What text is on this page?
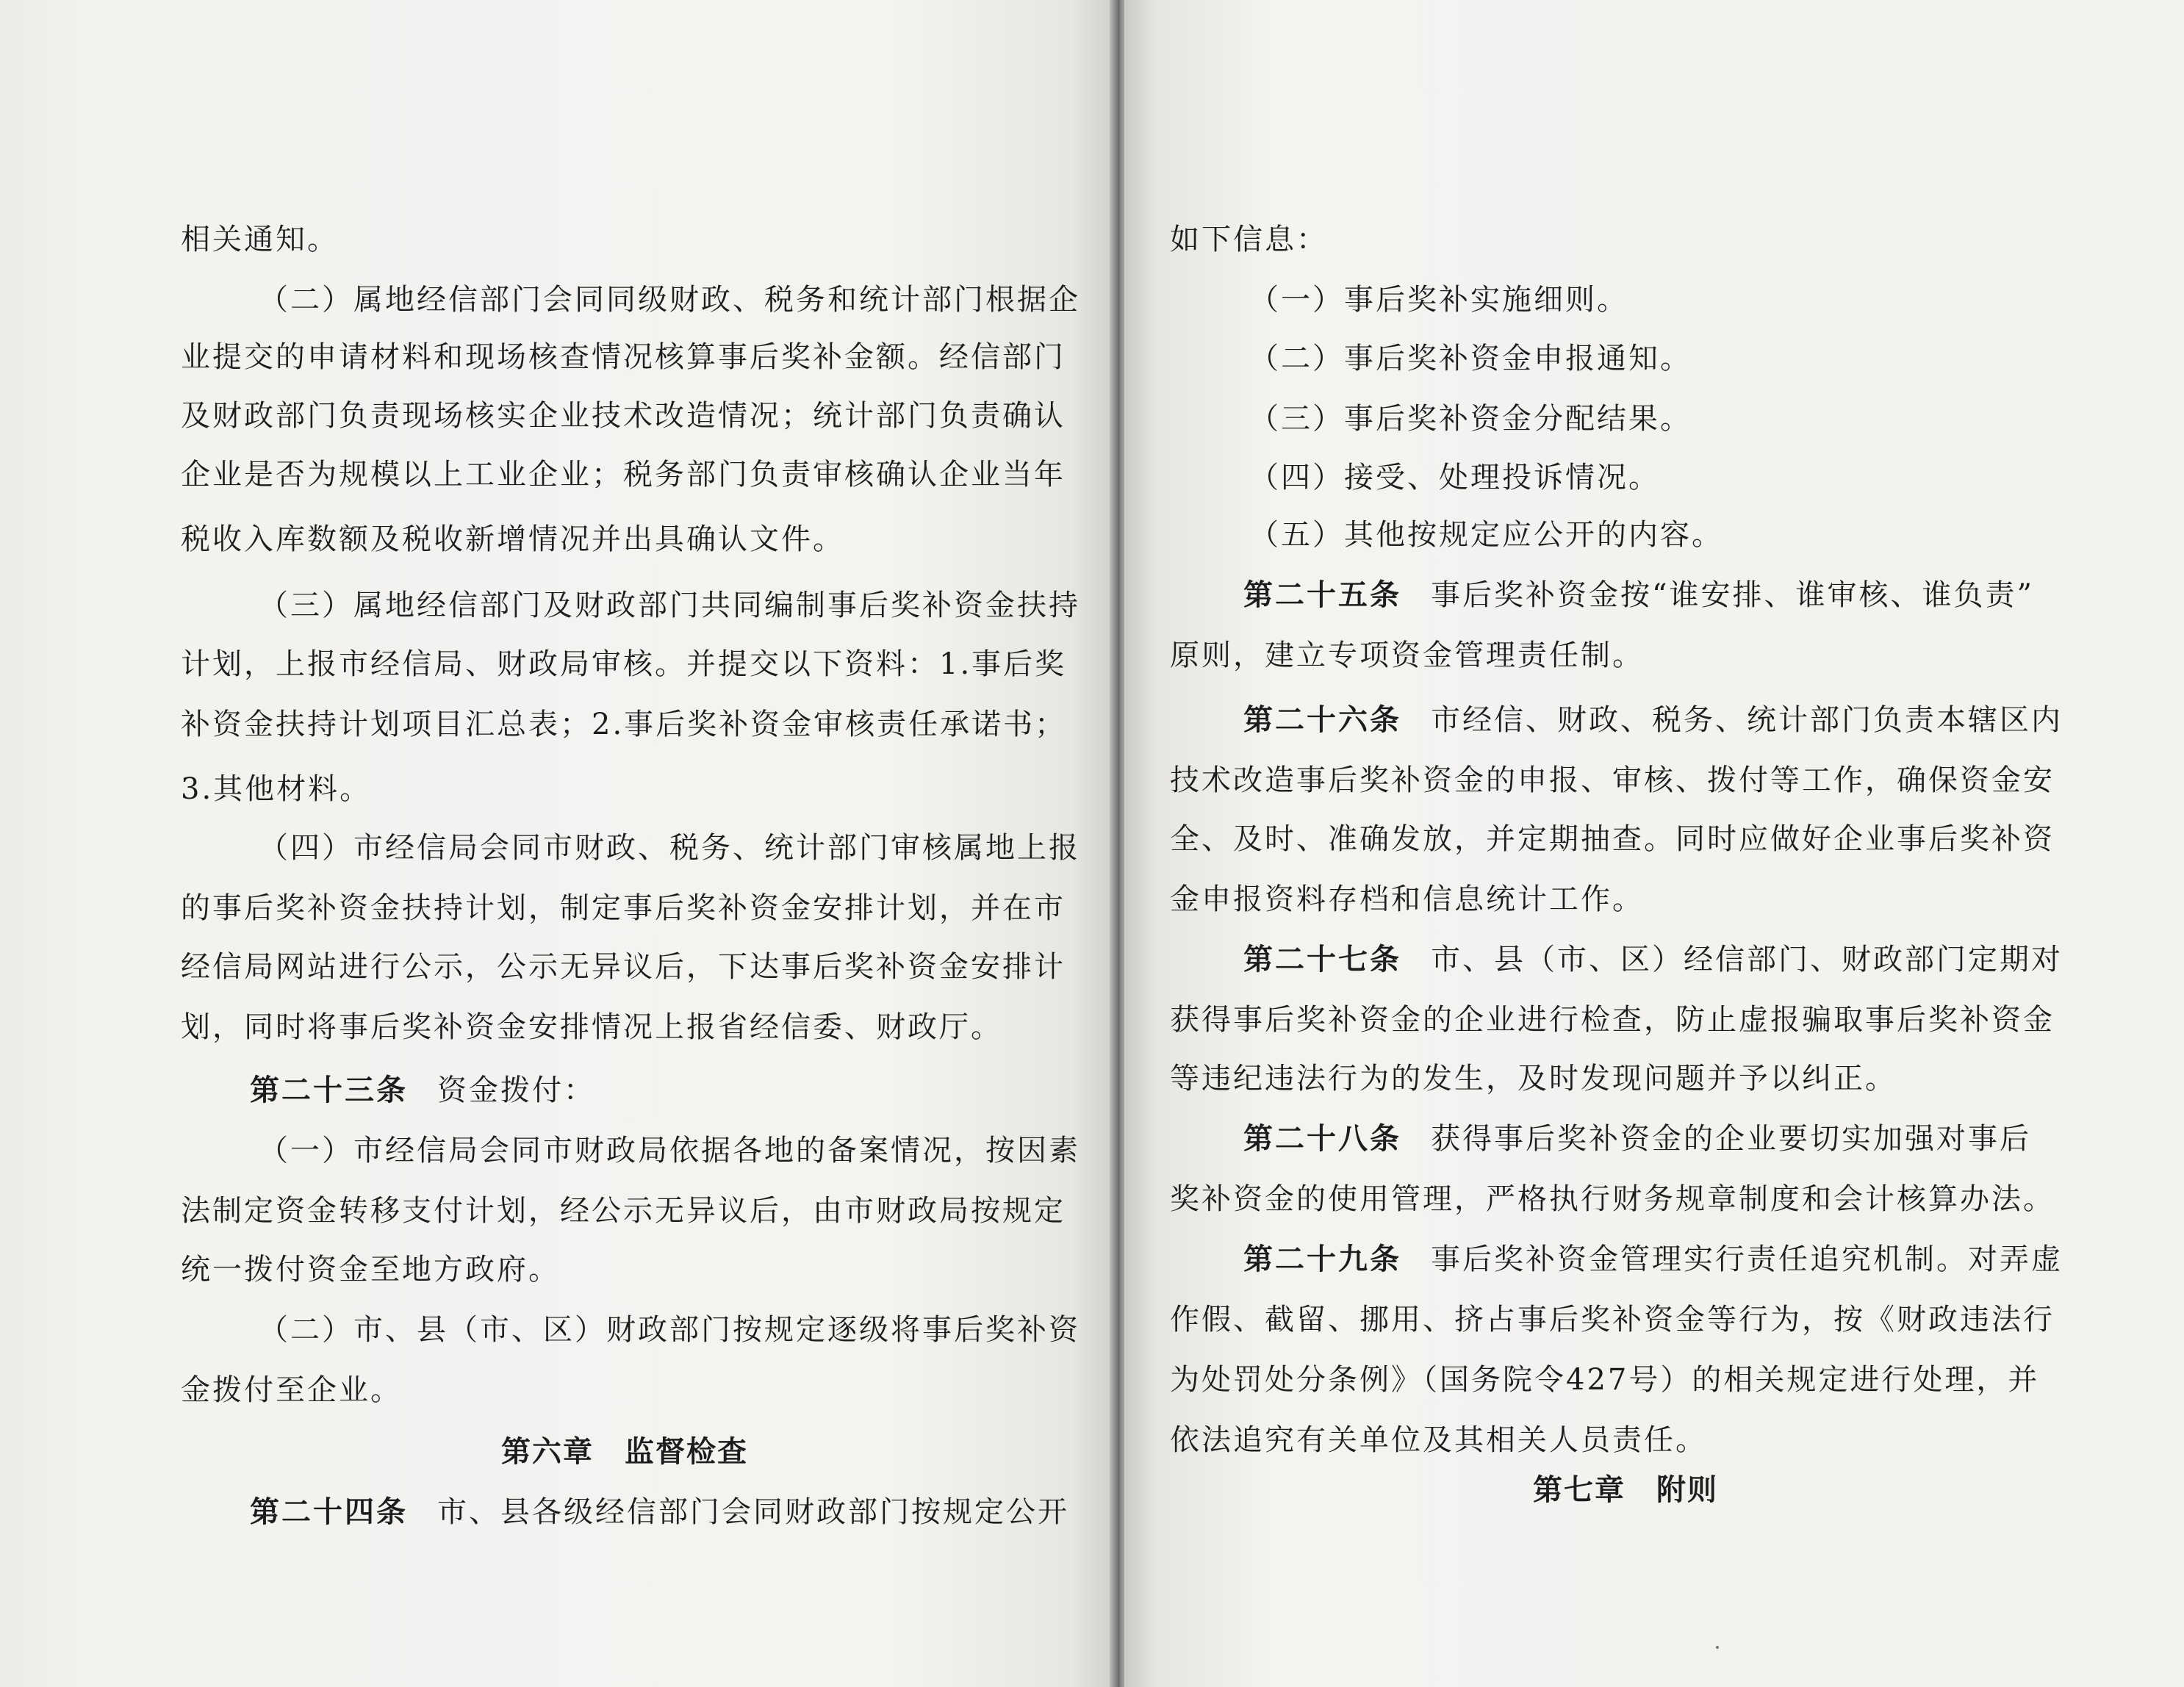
相关通知。

（二）属地经信部门会同同级财政、税务和统计部门根据企

业提交的申请材料和现场核查情况核算事后奖补金额。经信部门

及财政部门负责现场核实企业技术改造情况；统计部门负责确认

企业是否为规模以上工业企业；税务部门负责审核确认企业当年

税收入库数额及税收新增情况并出具确认文件。

（三）属地经信部门及财政部门共同编制事后奖补资金扶持

计划，上报市经信局、财政局审核。并提交以下资料：1.事后奖

补资金扶持计划项目汇总表；2.事后奖补资金审核责任承诺书；

3.其他材料。

（四）市经信局会同市财政、税务、统计部门审核属地上报

的事后奖补资金扶持计划，制定事后奖补资金安排计划，并在市

经信局网站进行公示，公示无异议后，下达事后奖补资金安排计

划，同时将事后奖补资金安排情况上报省经信委、财政厅。

第二十三条 资金拨付：

（一）市经信局会同市财政局依据各地的备案情况，按因素

法制定资金转移支付计划，经公示无异议后，由市财政局按规定

统一拨付资金至地方政府。

（二）市、县（市、区）财政部门按规定逐级将事后奖补资

金拨付至企业。

第六章　监督检查

第二十四条 市、县各级经信部门会同财政部门按规定公开

如下信息：

（一）事后奖补实施细则。

（二）事后奖补资金申报通知。

（三）事后奖补资金分配结果。

（四）接受、处理投诉情况。

（五）其他按规定应公开的内容。

第二十五条 事后奖补资金按“谁安排、谁审核、谁负责”

原则，建立专项资金管理责任制。

第二十六条 市经信、财政、税务、统计部门负责本辖区内

技术改造事后奖补资金的申报、审核、拨付等工作，确保资金安

全、及时、准确发放，并定期抽查。同时应做好企业事后奖补资

金申报资料存档和信息统计工作。

第二十七条 市、县（市、区）经信部门、财政部门定期对

获得事后奖补资金的企业进行检查，防止虚报骗取事后奖补资金

等违纪违法行为的发生，及时发现问题并予以纠正。

第二十八条 获得事后奖补资金的企业要切实加强对事后

奖补资金的使用管理，严格执行财务规章制度和会计核算办法。

第二十九条 事后奖补资金管理实行责任追究机制。对弄虚

作假、截留、挪用、挤占事后奖补资金等行为，按《财政违法行

为处罚处分条例》（国务院令427号）的相关规定进行处理，并

依法追究有关单位及其相关人员责任。

第七章　附则
